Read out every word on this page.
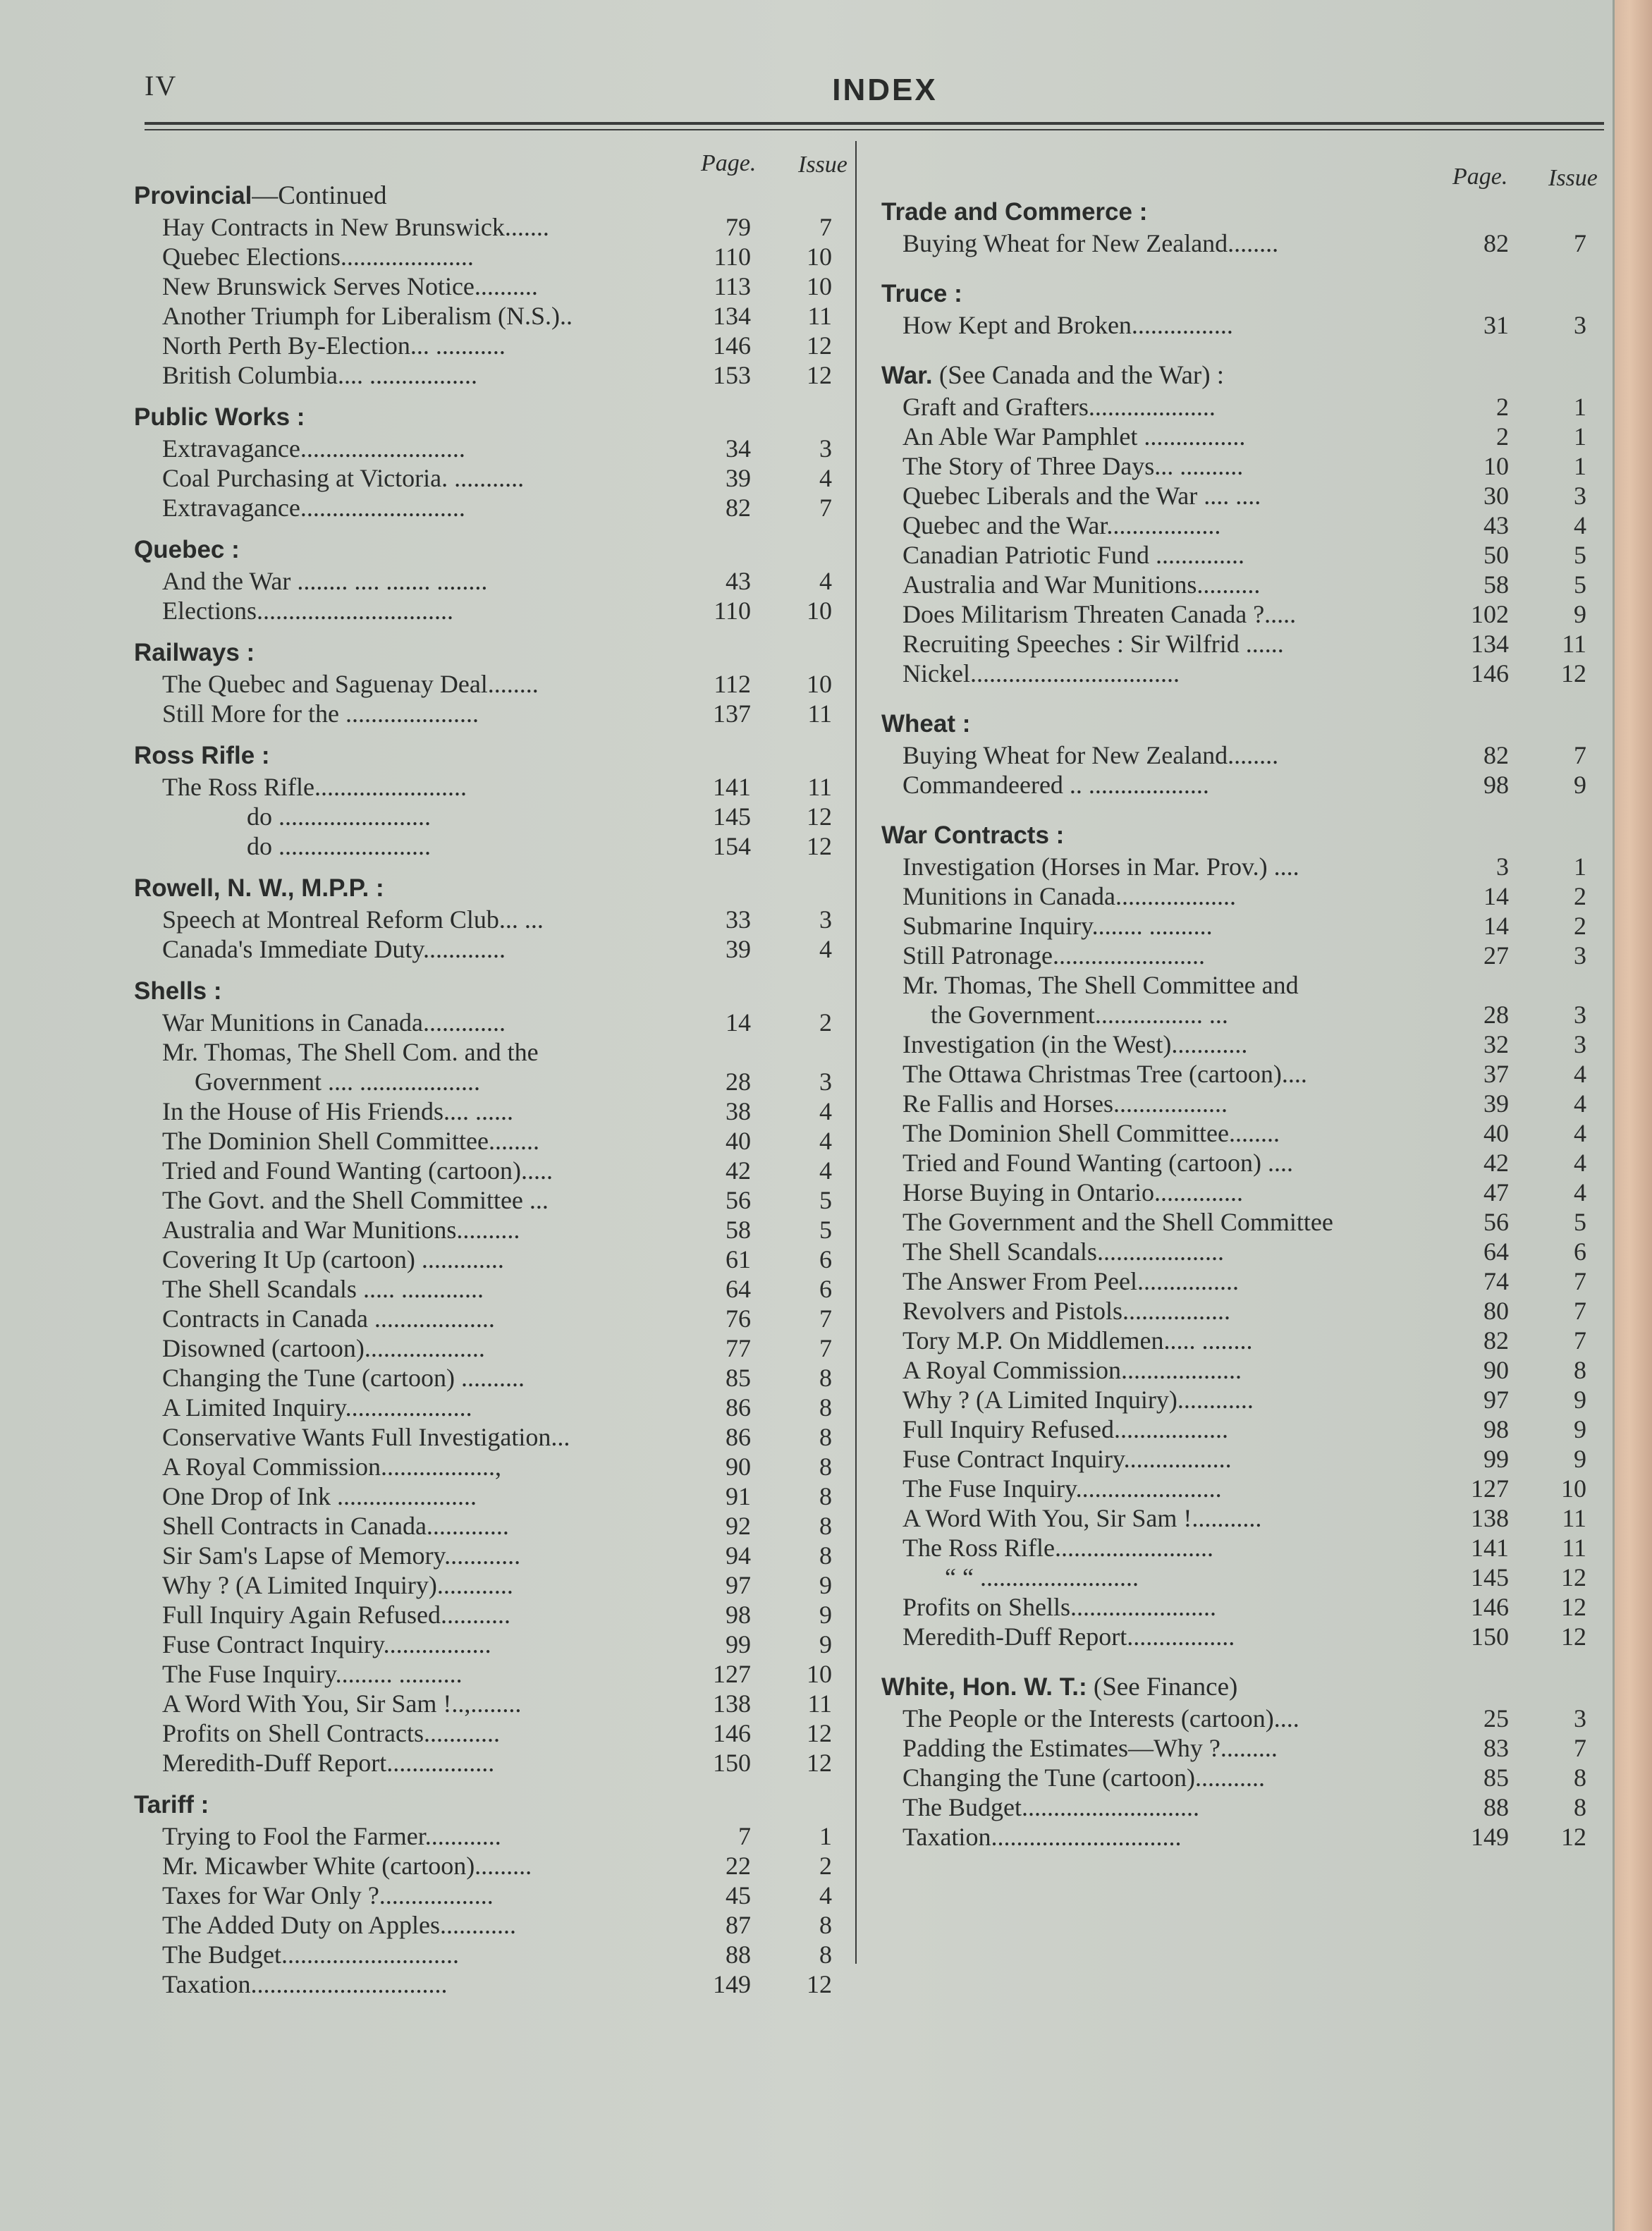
IV	INDEX
Page. Issue
Provincial—Continued
Hay Contracts in New Brunswick.......	79	7
Quebec Elections.....................	110	10
New Brunswick Serves Notice..........	113	10
Another Triumph for Liberalism (N.S.)..	134	11
North Perth By-Election... ...........	146	12
British Columbia.... .................	153	12
Public Works :
Extravagance..........................	34	3
Coal Purchasing at Victoria. ...........	39	4
Extravagance..........................	82	7
Quebec :
And the War ........ .... ....... ........	43	4
Elections...............................	110	10
Railways :
The Quebec and Saguenay Deal........	112	10
Still More for the .....................	137	11
Ross Rifle :
The Ross Rifle........................	141	11
do ........................	145	12
do ........................	154	12
Rowell, N. W., M.P.P. :
Speech at Montreal Reform Club... ...	33	3
Canada's Immediate Duty.............	39	4
Shells :
War Munitions in Canada.............	14	2
Mr. Thomas, The Shell Com. and the
Government .... ...................	28	3
In the House of His Friends.... ......	38	4
The Dominion Shell Committee........	40	4
Tried and Found Wanting (cartoon).....	42	4
The Govt. and the Shell Committee ...	56	5
Australia and War Munitions..........	58	5
Covering It Up (cartoon) .............	61	6
The Shell Scandals ..... .............	64	6
Contracts in Canada ...................	76	7
Disowned (cartoon)...................	77	7
Changing the Tune (cartoon) ..........	85	8
A Limited Inquiry....................	86	8
Conservative Wants Full Investigation...	86	8
A Royal Commission..................,	90	8
One Drop of Ink ......................	91	8
Shell Contracts in Canada.............	92	8
Sir Sam's Lapse of Memory............	94	8
Why ? (A Limited Inquiry)............	97	9
Full Inquiry Again Refused...........	98	9
Fuse Contract Inquiry.................	99	9
The Fuse Inquiry......... ..........	127	10
A Word With You, Sir Sam !..,........	138	11
Profits on Shell Contracts............	146	12
Meredith-Duff Report.................	150	12
Tariff :
Trying to Fool the Farmer............	7	1
Mr. Micawber White (cartoon).........	22	2
Taxes for War Only ?..................	45	4
The Added Duty on Apples............	87	8
The Budget............................	88	8
Taxation...............................	149	12
Page. Issue
Trade and Commerce :
Buying Wheat for New Zealand........	82	7
Truce :
How Kept and Broken................	31	3
War. (See Canada and the War) :
Graft and Grafters....................	2	1
An Able War Pamphlet ................	2	1
The Story of Three Days... ..........	10	1
Quebec Liberals and the War .... ....	30	3
Quebec and the War..................	43	4
Canadian Patriotic Fund ..............	50	5
Australia and War Munitions..........	58	5
Does Militarism Threaten Canada ?.....	102	9
Recruiting Speeches : Sir Wilfrid ......	134	11
Nickel.................................	146	12
Wheat :
Buying Wheat for New Zealand........	82	7
Commandeered .. ...................	98	9
War Contracts :
Investigation (Horses in Mar. Prov.) ....	3	1
Munitions in Canada...................	14	2
Submarine Inquiry........ ..........	14	2
Still Patronage........................	27	3
Mr. Thomas, The Shell Committee and
the Government................. ...	28	3
Investigation (in the West)............	32	3
The Ottawa Christmas Tree (cartoon)....	37	4
Re Fallis and Horses..................	39	4
The Dominion Shell Committee........	40	4
Tried and Found Wanting (cartoon) ....	42	4
Horse Buying in Ontario..............	47	4
The Government and the Shell Committee	56	5
The Shell Scandals....................	64	6
The Answer From Peel................	74	7
Revolvers and Pistols.................	80	7
Tory M.P. On Middlemen..... ........	82	7
A Royal Commission...................	90	8
Why ? (A Limited Inquiry)............	97	9
Full Inquiry Refused..................	98	9
Fuse Contract Inquiry.................	99	9
The Fuse Inquiry.......................	127	10
A Word With You, Sir Sam !...........	138	11
The Ross Rifle.........................	141	11
“ “ .........................	145	12
Profits on Shells.......................	146	12
Meredith-Duff Report.................	150	12
White, Hon. W. T.: (See Finance)
The People or the Interests (cartoon)....	25	3
Padding the Estimates—Why ?.........	83	7
Changing the Tune (cartoon)...........	85	8
The Budget............................	88	8
Taxation..............................	149	12
